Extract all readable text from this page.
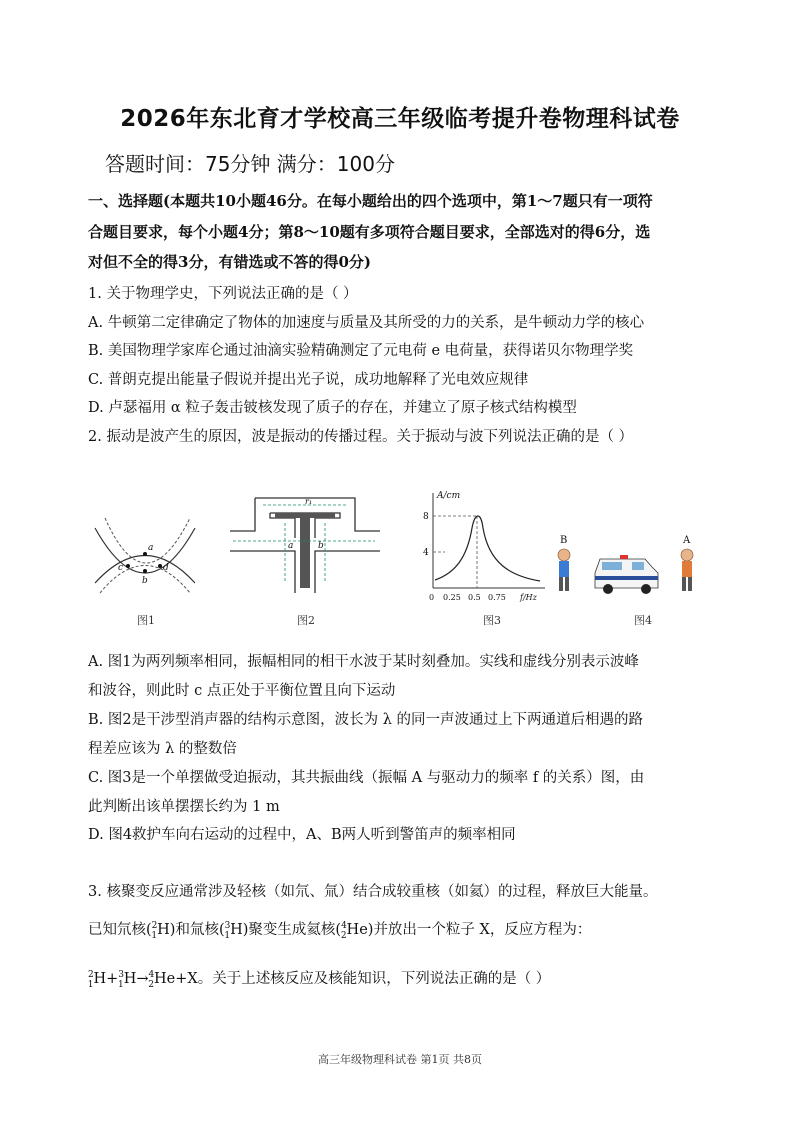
2026年东北育才学校高三年级临考提升卷物理科试卷
答题时间：75分钟 满分：100分
一、选择题(本题共10小题46分。在每小题给出的四个选项中，第1～7题只有一项符
合题目要求，每个小题4分；第8～10题有多项符合题目要求，全部选对的得6分，选
对但不全的得3分，有错选或不答的得0分)
1. 关于物理学史，下列说法正确的是（ ）
A. 牛顿第二定律确定了物体的加速度与质量及其所受的力的关系，是牛顿动力学的核心
B. 美国物理学家库仑通过油滴实验精确测定了元电荷 e 电荷量，获得诺贝尔物理学奖
C. 普朗克提出能量子假说并提出光子说，成功地解释了光电效应规律
D. 卢瑟福用 α 粒子轰击铍核发现了质子的存在，并建立了原子核式结构模型
2. 振动是波产生的原因，波是振动的传播过程。关于振动与波下列说法正确的是（ ）
a
b
c	d
图1
r₁
a	b
图2
A/cm
8
4
0 0.25 0.5 0.75 f/Hz
图3
B	A
图4
A. 图1为两列频率相同，振幅相同的相干水波于某时刻叠加。实线和虚线分别表示波峰
和波谷，则此时 c 点正处于平衡位置且向下运动
B. 图2是干涉型消声器的结构示意图，波长为 λ 的同一声波通过上下两通道后相遇的路
程差应该为 λ 的整数倍
C. 图3是一个单摆做受迫振动，其共振曲线（振幅 A 与驱动力的频率 f 的关系）图，由
此判断出该单摆摆长约为 1 m
D. 图4救护车向右运动的过程中，A、B两人听到警笛声的频率相同
3. 核聚变反应通常涉及轻核（如氘、氚）结合成较重核（如氦）的过程，释放巨大能量。
已知氘核($^2_1$H)和氚核($^3_1$H)聚变生成氦核($^4_2$He)并放出一个粒子 X，反应方程为：
$^2_1$H+$^3_1$H→$^4_2$He+X。关于上述核反应及核能知识，下列说法正确的是（ ）
高三年级物理科试卷 第1页 共8页
